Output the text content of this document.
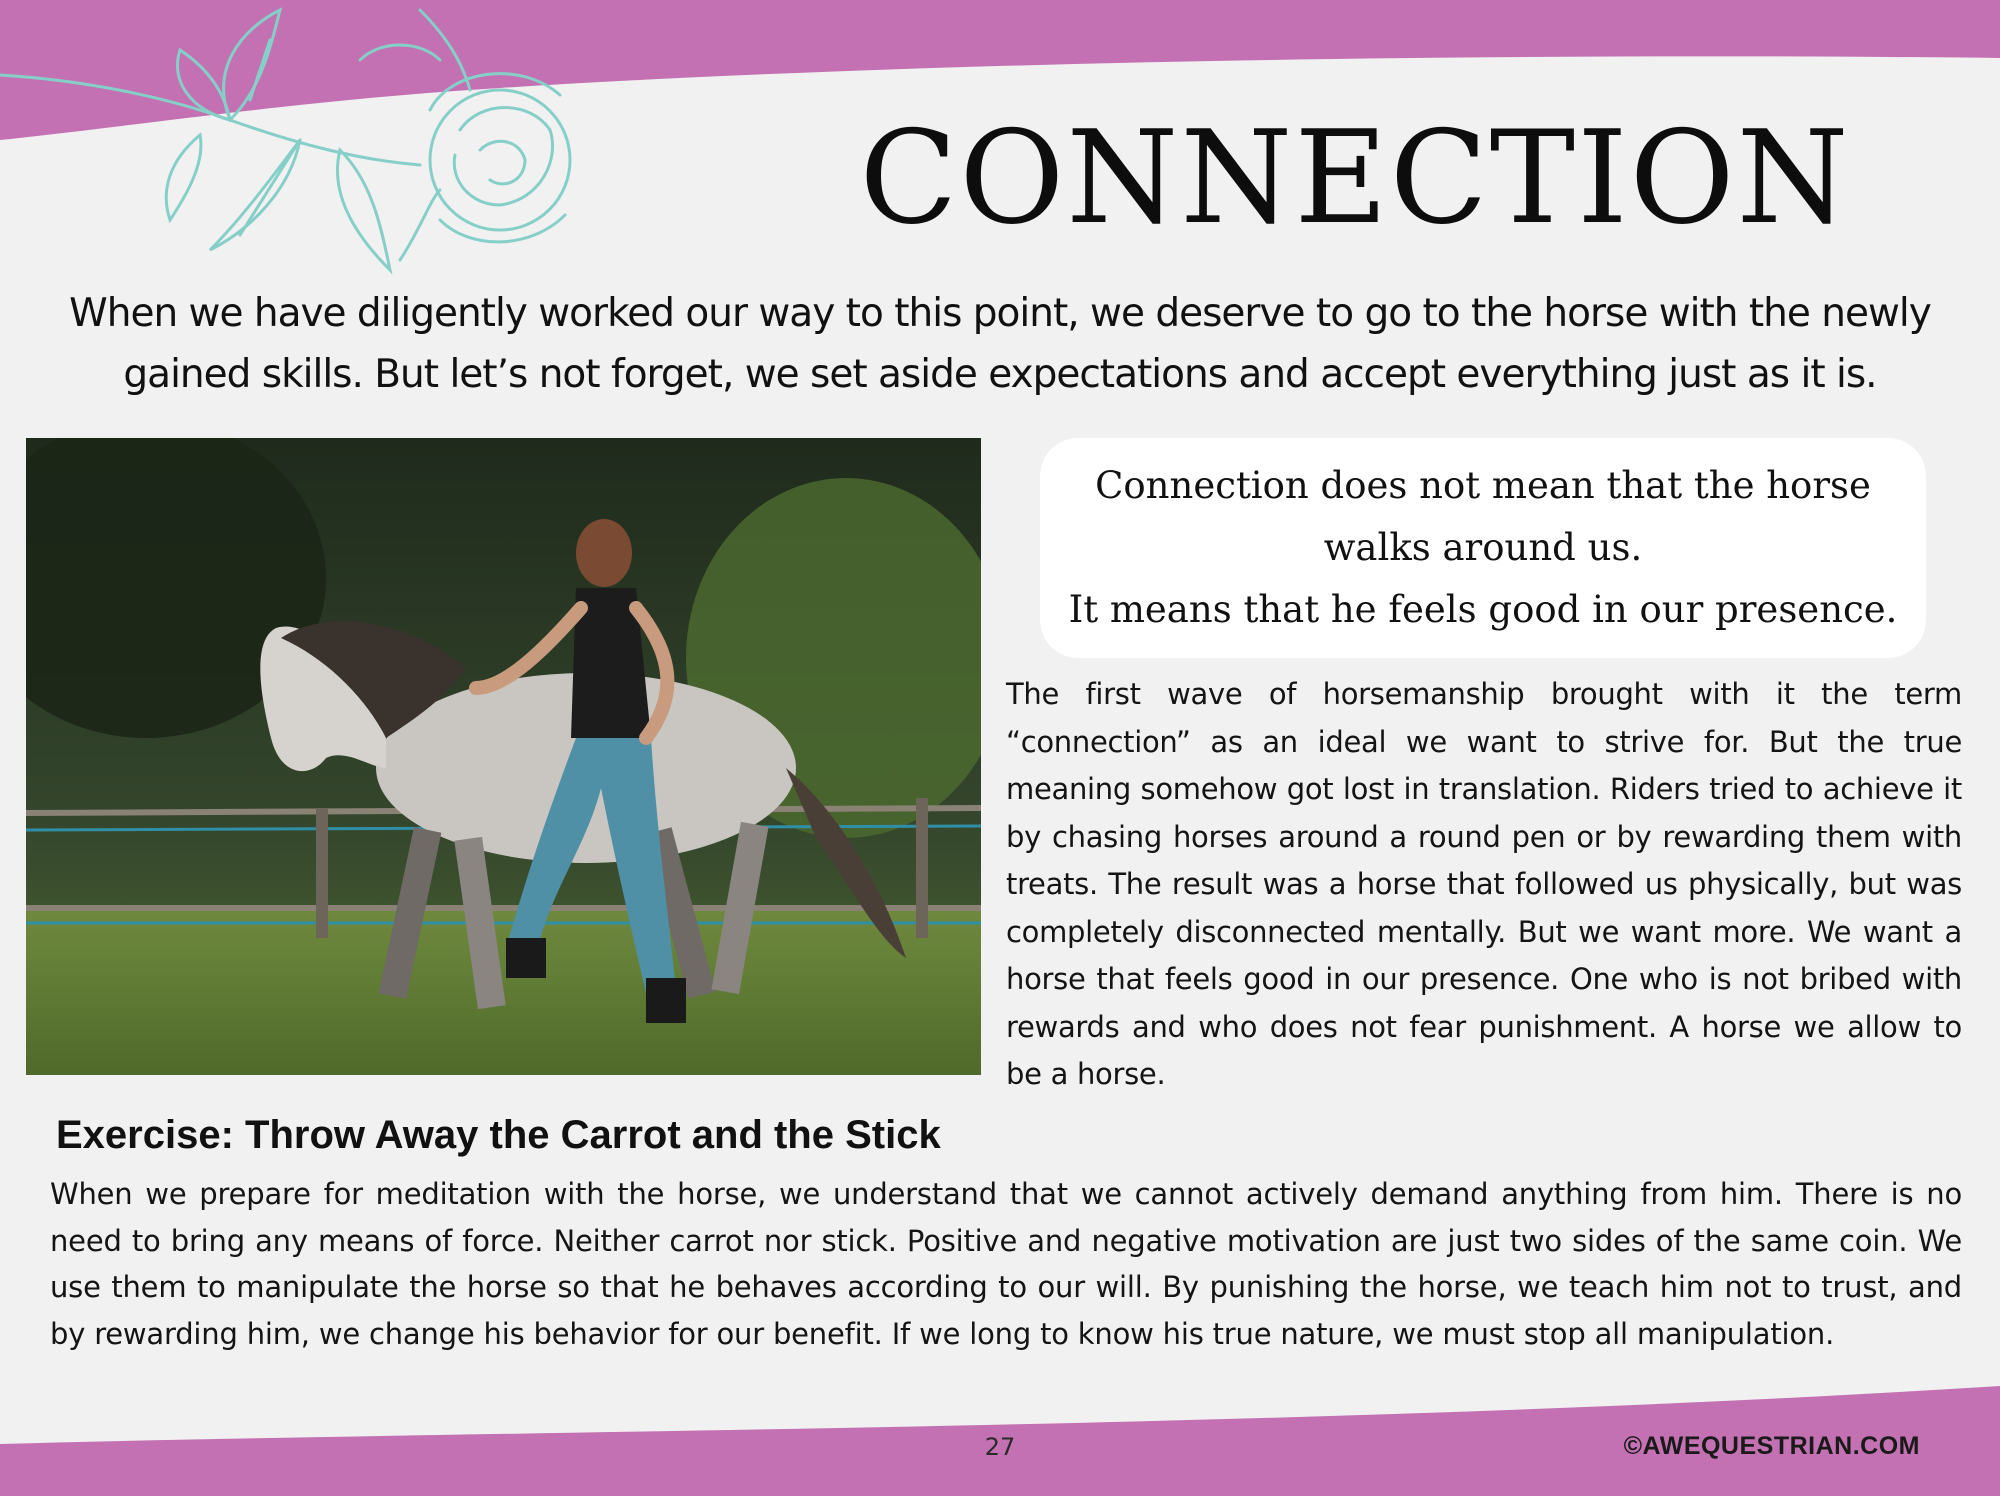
CONNECTION

When we have diligently worked our way to this point, we deserve to go to the horse with the newly gained skills. But let’s not forget, we set aside expectations and accept everything just as it is.

Connection does not mean that the horse walks around us.
It means that he feels good in our presence.

The first wave of horsemanship brought with it the term “connection” as an ideal we want to strive for. But the true meaning somehow got lost in translation. Riders tried to achieve it by chasing horses around a round pen or by rewarding them with treats. The result was a horse that followed us physically, but was completely disconnected mentally. But we want more. We want a horse that feels good in our presence. One who is not bribed with rewards and who does not fear punishment. A horse we allow to be a horse.

Exercise: Throw Away the Carrot and the Stick

When we prepare for meditation with the horse, we understand that we cannot actively demand anything from him. There is no need to bring any means of force. Neither carrot nor stick. Positive and negative motivation are just two sides of the same coin. We use them to manipulate the horse so that he behaves according to our will. By punishing the horse, we teach him not to trust, and by rewarding him, we change his behavior for our benefit. If we long to know his true nature, we must stop all manipulation.

27	©AWEQUESTRIAN.COM
